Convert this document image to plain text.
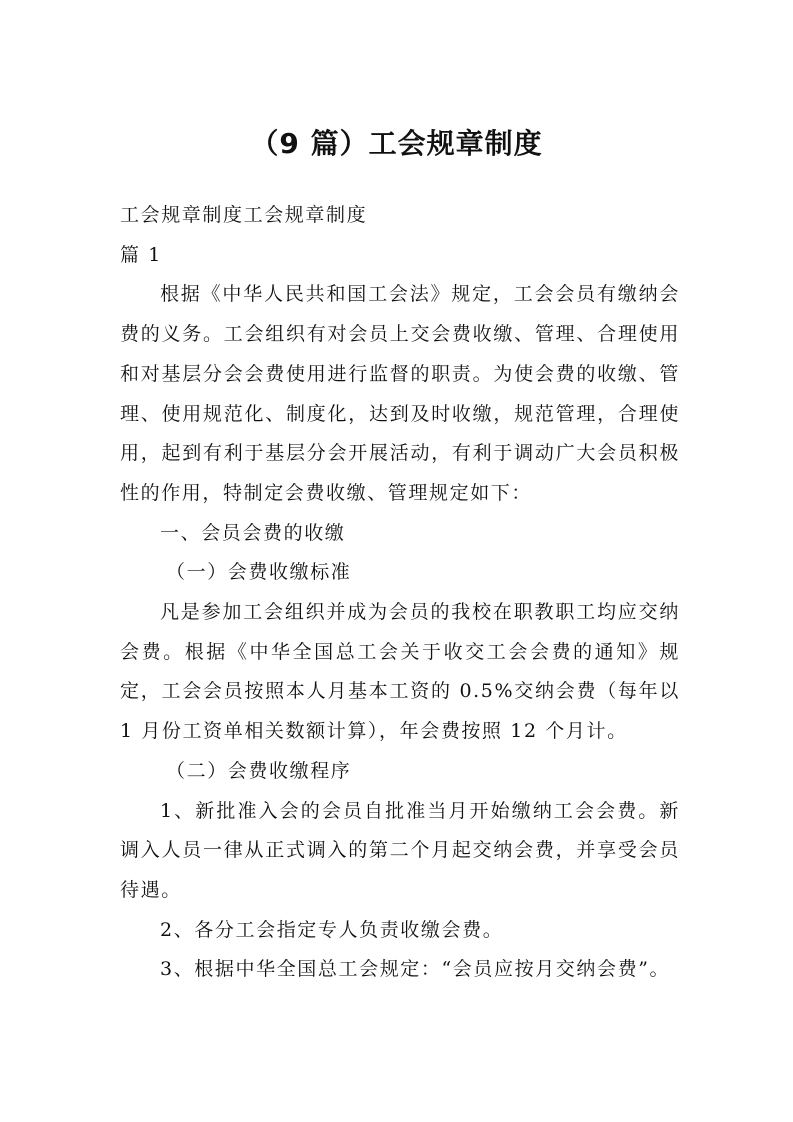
（9 篇）工会规章制度

工会规章制度工会规章制度

篇 1

根据《中华人民共和国工会法》规定，工会会员有缴纳会费的义务。工会组织有对会员上交会费收缴、管理、合理使用和对基层分会会费使用进行监督的职责。为使会费的收缴、管理、使用规范化、制度化，达到及时收缴，规范管理，合理使用，起到有利于基层分会开展活动，有利于调动广大会员积极性的作用，特制定会费收缴、管理规定如下：

一、会员会费的收缴

（一）会费收缴标准

凡是参加工会组织并成为会员的我校在职教职工均应交纳会费。根据《中华全国总工会关于收交工会会费的通知》规定，工会会员按照本人月基本工资的 0.5%交纳会费（每年以 1 月份工资单相关数额计算），年会费按照 12 个月计。

（二）会费收缴程序

1、新批准入会的会员自批准当月开始缴纳工会会费。新调入人员一律从正式调入的第二个月起交纳会费，并享受会员待遇。

2、各分工会指定专人负责收缴会费。

3、根据中华全国总工会规定：“会员应按月交纳会费”。
